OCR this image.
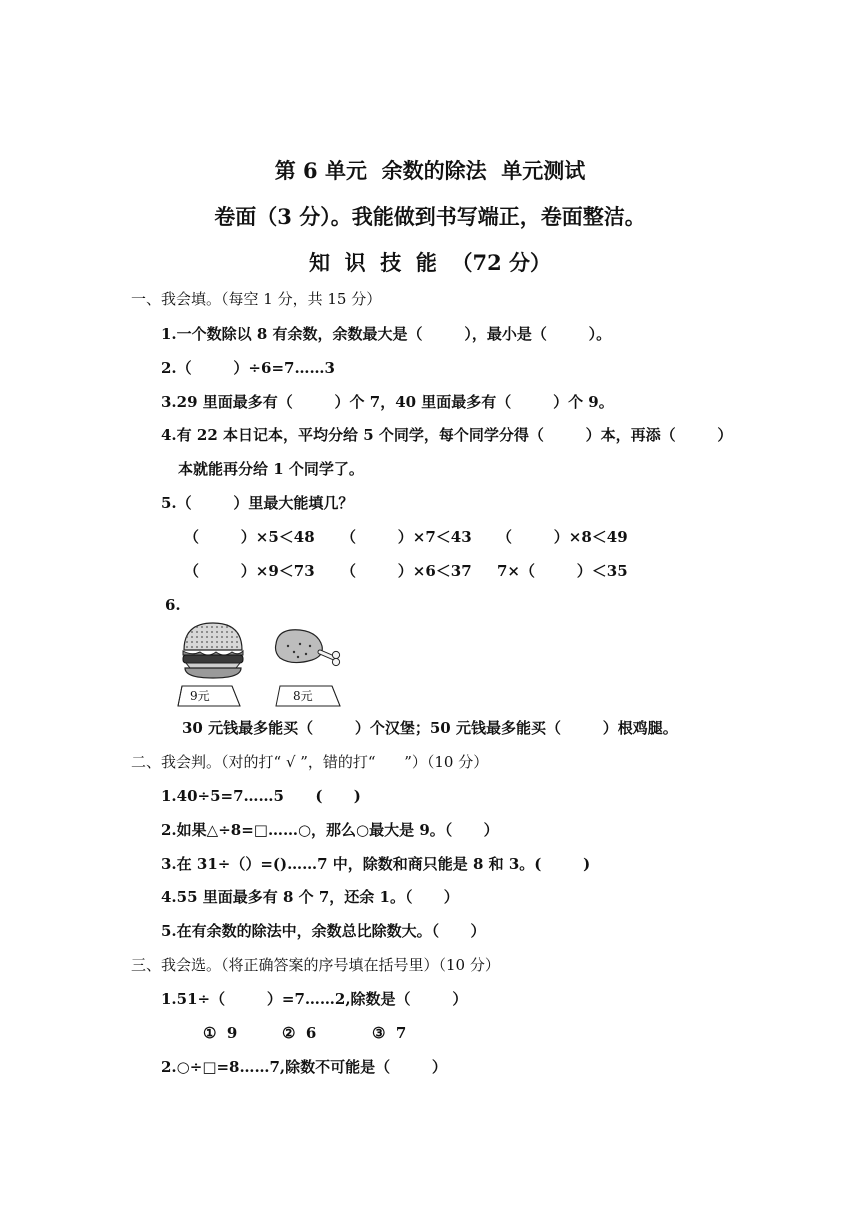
第 6 单元  余数的除法  单元测试
卷面（3 分）。我能做到书写端正，卷面整洁。
知  识  技  能  （72 分）
一、我会填。（每空 1 分，共 15 分）
1.一个数除以 8 有余数，余数最大是（        ），最小是（        ）。
2.（        ）÷6=7……3
3.29 里面最多有（        ）个 7，40 里面最多有（        ）个 9。
4.有 22 本日记本，平均分给 5 个同学，每个同学分得（        ）本，再添（        ）
本就能再分给 1 个同学了。
5.（        ）里最大能填几？
（        ）×5＜48 （        ）×7＜43 （        ）×8＜49
（        ）×9＜73 （        ）×6＜37 7×（        ）＜35
6.
9元	8元
30 元钱最多能买（        ）个汉堡；50 元钱最多能买（        ）根鸡腿。
二、我会判。（对的打“ √ ”，错的打“      ”）（10 分）
1.40÷5=7……5      (      )
2.如果△÷8=□……○，那么○最大是 9。（      ）
3.在 31÷（）=()……7 中，除数和商只能是 8 和 3。(        )
4.55 里面最多有 8 个 7，还余 1。（      ）
5.在有余数的除法中，余数总比除数大。（      ）
三、我会选。（将正确答案的序号填在括号里）（10 分）
1.51÷（        ）=7……2,除数是（        ）
①  9	②  6	③  7
2.○÷□=8……7,除数不可能是（        ）
